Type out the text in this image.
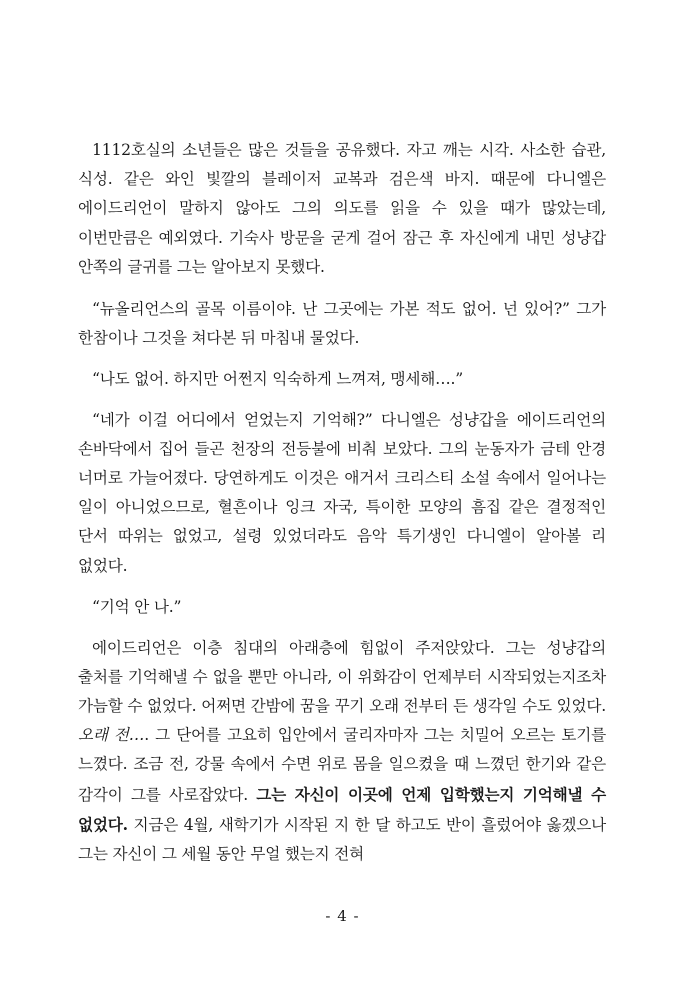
1112호실의 소년들은 많은 것들을 공유했다. 자고 깨는 시각. 사소한 습관, 식성. 같은 와인 빛깔의 블레이저 교복과 검은색 바지. 때문에 다니엘은 에이드리언이 말하지 않아도 그의 의도를 읽을 수 있을 때가 많았는데, 이번만큼은 예외였다. 기숙사 방문을 굳게 걸어 잠근 후 자신에게 내민 성냥갑 안쪽의 글귀를 그는 알아보지 못했다.

“뉴올리언스의 골목 이름이야. 난 그곳에는 가본 적도 없어. 넌 있어?” 그가 한참이나 그것을 쳐다본 뒤 마침내 물었다.

“나도 없어. 하지만 어쩐지 익숙하게 느껴져, 맹세해….”

“네가 이걸 어디에서 얻었는지 기억해?” 다니엘은 성냥갑을 에이드리언의 손바닥에서 집어 들곤 천장의 전등불에 비춰 보았다. 그의 눈동자가 금테 안경 너머로 가늘어졌다. 당연하게도 이것은 애거서 크리스티 소설 속에서 일어나는 일이 아니었으므로, 혈흔이나 잉크 자국, 특이한 모양의 흠집 같은 결정적인 단서 따위는 없었고, 설령 있었더라도 음악 특기생인 다니엘이 알아볼 리 없었다.

“기억 안 나.”

에이드리언은 이층 침대의 아래층에 힘없이 주저앉았다. 그는 성냥갑의 출처를 기억해낼 수 없을 뿐만 아니라, 이 위화감이 언제부터 시작되었는지조차 가늠할 수 없었다. 어쩌면 간밤에 꿈을 꾸기 오래 전부터 든 생각일 수도 있었다. 오래 전…. 그 단어를 고요히 입안에서 굴리자마자 그는 치밀어 오르는 토기를 느꼈다. 조금 전, 강물 속에서 수면 위로 몸을 일으켰을 때 느꼈던 한기와 같은 감각이 그를 사로잡았다. 그는 자신이 이곳에 언제 입학했는지 기억해낼 수 없었다. 지금은 4월, 새학기가 시작된 지 한 달 하고도 반이 흘렀어야 옳겠으나 그는 자신이 그 세월 동안 무얼 했는지 전혀

- 4 -
